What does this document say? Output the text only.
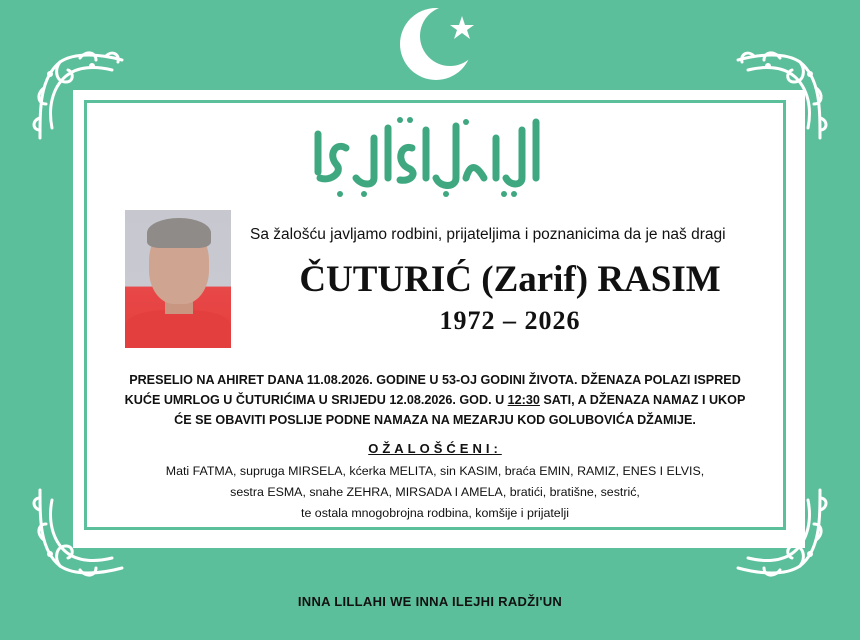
Sa žalošću javljamo rodbini, prijateljima i poznanicima da je naš dragi
ČUTURIĆ (Zarif) RASIM
1972 – 2026
PRESELIO NA AHIRET DANA 11.08.2026. GODINE U 53-OJ GODINI ŽIVOTA. DŽENAZA POLAZI ISPRED
KUĆE UMRLOG U ČUTURIĆIMA U SRIJEDU 12.08.2026. GOD. U 12:30 SATI, A DŽENAZA NAMAZ I UKOP
ĆE SE OBAVITI POSLIJE PODNE NAMAZA NA MEZARJU KOD GOLUBOVIĆA DŽAMIJE.
OŽALOŠĆENI:
Mati FATMA, supruga MIRSELA, kćerka MELITA, sin KASIM, braća EMIN, RAMIZ, ENES I ELVIS,
sestra ESMA, snahe ZEHRA, MIRSADA I AMELA, bratići, bratišne, sestrić,
te ostala mnogobrojna rodbina, komšije i prijatelji
INNA LILLAHI WE INNA ILEJHI RADŽI'UN
